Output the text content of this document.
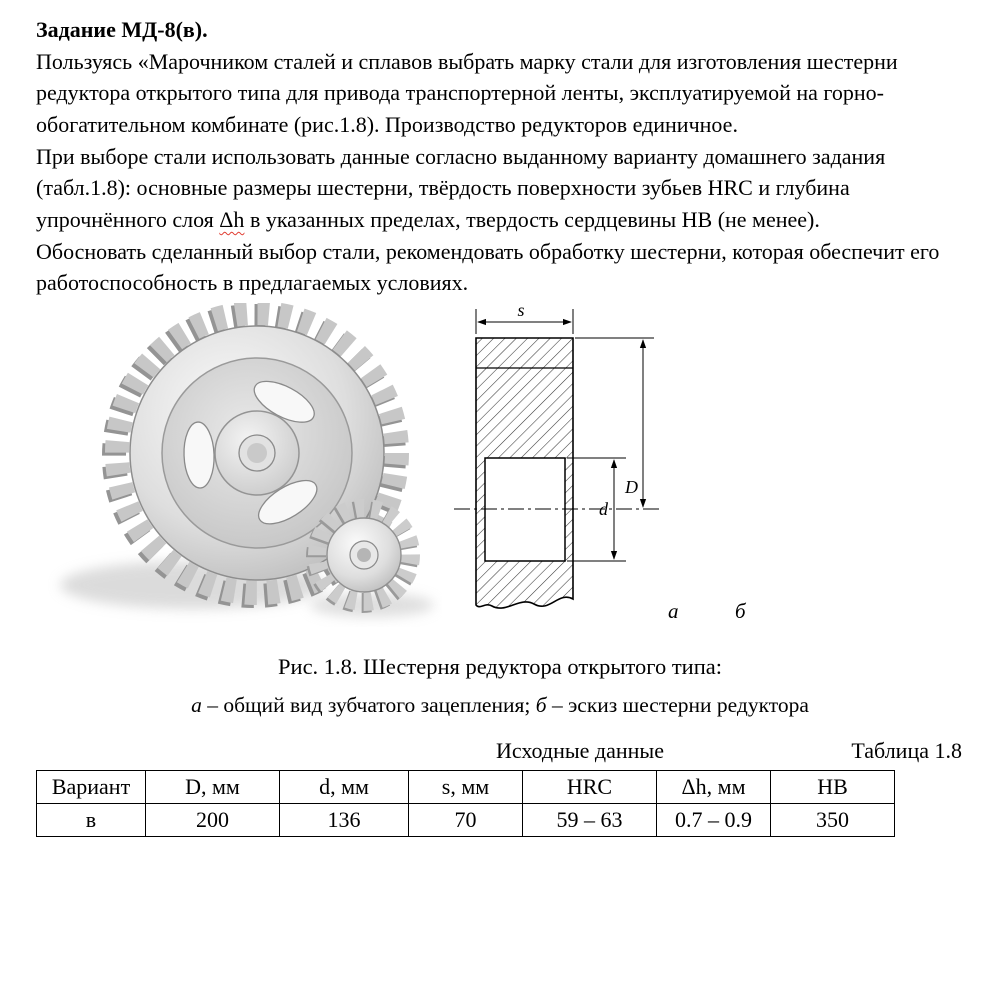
Задание МД-8(в).

Пользуясь «Марочником сталей и сплавов выбрать марку стали для изготовления шестерни редуктора открытого типа для привода транспортерной ленты, эксплуатируемой на горно-обогатительном комбинате (рис.1.8). Производство редукторов единичное.

При выборе стали использовать данные согласно выданному варианту домашнего задания (табл.1.8): основные размеры шестерни, твёрдость поверхности зубьев HRC и глубина упрочнённого слоя Δh в указанных пределах, твердость сердцевины HB (не менее).

Обосновать сделанный выбор стали, рекомендовать обработку шестерни, которая обеспечит его работоспособность в предлагаемых условиях.

s
D
d
а	б
Рис. 1.8. Шестерня редуктора открытого типа:
а – общий вид зубчатого зацепления; б – эскиз шестерни редуктора
Исходные данные	Таблица 1.8
Вариант	D, мм	d, мм	s, мм	HRC	Δh, мм	HB
в	200	136	70	59 – 63	0.7 – 0.9	350
